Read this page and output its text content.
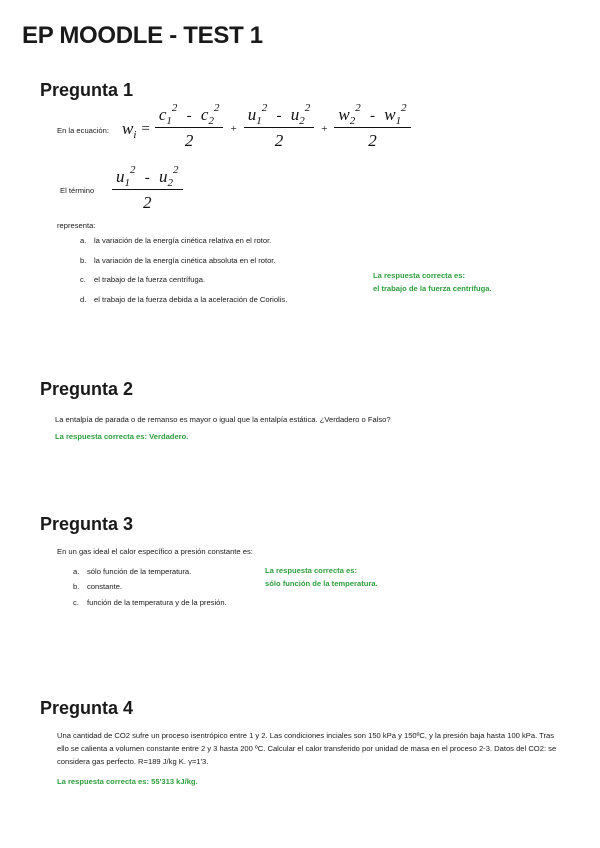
EP MOODLE - TEST 1
Pregunta 1
En la ecuación: $w_i = \frac{c_1^2 - c_2^2}{2} + \frac{u_1^2 - u_2^2}{2} + \frac{w_2^2 - w_1^2}{2}$
El término $\frac{u_1^2 - u_2^2}{2}$
representa:
a. la variación de la energía cinética relativa en el rotor.
b. la variación de la energía cinética absoluta en el rotor.
c. el trabajo de la fuerza centrífuga.
d. el trabajo de la fuerza debida a la aceleración de Coriolis.
La respuesta correcta es:
el trabajo de la fuerza centrífuga.
Pregunta 2
La entalpía de parada o de remanso es mayor o igual que la entalpía estática. ¿Verdadero o Falso?
La respuesta correcta es: Verdadero.
Pregunta 3
En un gas ideal el calor específico a presión constante es:
a. sólo función de la temperatura.
b. constante.
c. función de la temperatura y de la presión.
La respuesta correcta es:
sólo función de la temperatura.
Pregunta 4
Una cantidad de CO2 sufre un proceso isentrópico entre 1 y 2. Las condiciones inciales son 150 kPa y 150ºC, y la presión baja hasta 100 kPa. Tras ello se calienta a volumen constante entre 2 y 3 hasta 200 ºC. Calcular el calor transferido por unidad de masa en el proceso 2-3. Datos del CO2: se considera gas perfecto. R=189 J/kg K. γ=1'3.
La respuesta correcta es: 55'313 kJ/kg.
